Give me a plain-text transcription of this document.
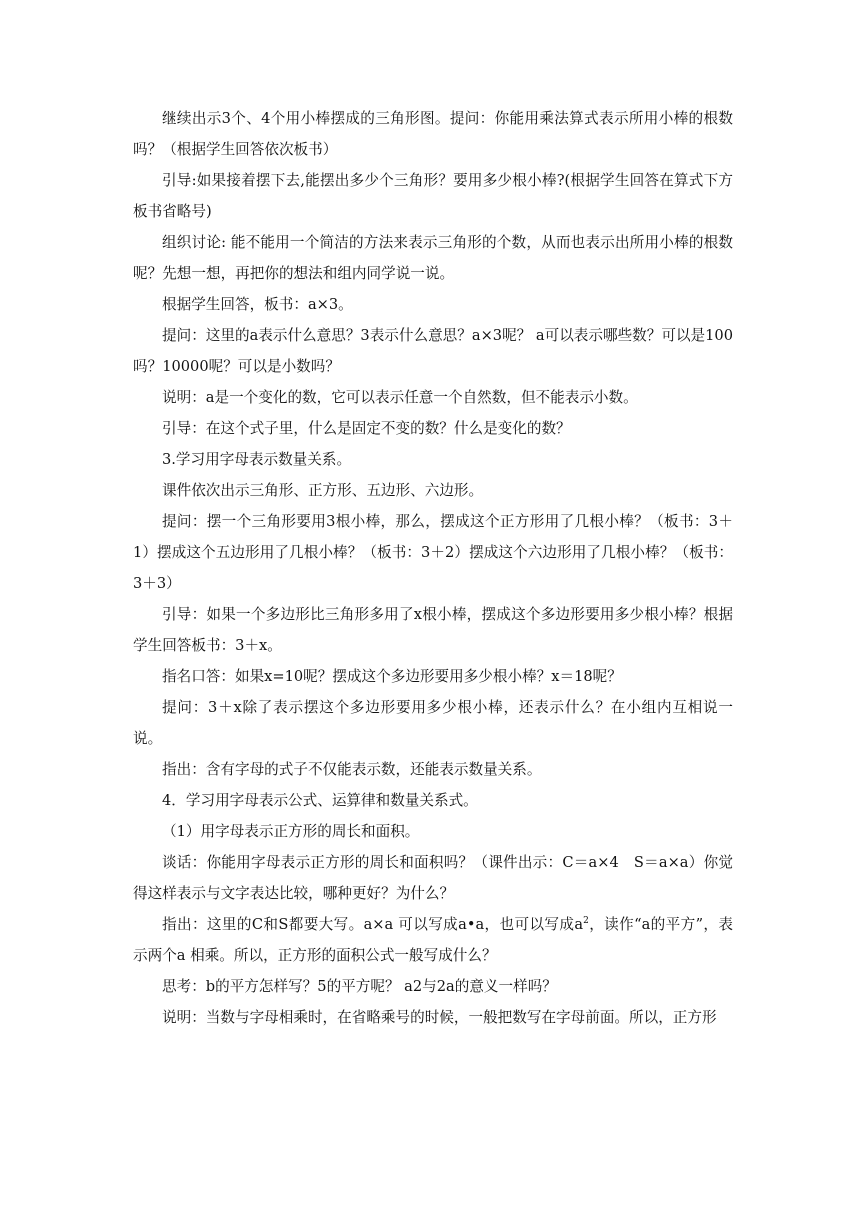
继续出示3个、4个用小棒摆成的三角形图。提问：你能用乘法算式表示所用小棒的根数吗？（根据学生回答依次板书）

引导:如果接着摆下去,能摆出多少个三角形？要用多少根小棒?(根据学生回答在算式下方板书省略号)

组织讨论: 能不能用一个简洁的方法来表示三角形的个数，从而也表示出所用小棒的根数呢？先想一想，再把你的想法和组内同学说一说。

根据学生回答，板书：a×3。

提问：这里的a表示什么意思？3表示什么意思？a×3呢？ a可以表示哪些数？可以是100吗？10000呢？可以是小数吗？

说明：a是一个变化的数，它可以表示任意一个自然数，但不能表示小数。

引导：在这个式子里，什么是固定不变的数？什么是变化的数？

3.学习用字母表示数量关系。

课件依次出示三角形、正方形、五边形、六边形。

提问：摆一个三角形要用3根小棒，那么，摆成这个正方形用了几根小棒？（板书：3＋1）摆成这个五边形用了几根小棒？（板书：3＋2）摆成这个六边形用了几根小棒？（板书：3＋3）

引导：如果一个多边形比三角形多用了x根小棒，摆成这个多边形要用多少根小棒？根据学生回答板书：3＋x。

指名口答：如果x=10呢？摆成这个多边形要用多少根小棒？x＝18呢？

提问：3＋x除了表示摆这个多边形要用多少根小棒，还表示什么？在小组内互相说一说。

指出：含有字母的式子不仅能表示数，还能表示数量关系。

4．学习用字母表示公式、运算律和数量关系式。

（1）用字母表示正方形的周长和面积。

谈话：你能用字母表示正方形的周长和面积吗？（课件出示：C＝a×4　S＝a×a）你觉得这样表示与文字表达比较，哪种更好？为什么？

指出：这里的C和S都要大写。a×a 可以写成a•a，也可以写成$a^2$，读作“a的平方”，表示两个a 相乘。所以，正方形的面积公式一般写成什么？

思考：b的平方怎样写？5的平方呢？ a2与2a的意义一样吗？

说明：当数与字母相乘时，在省略乘号的时候，一般把数写在字母前面。所以，正方形
